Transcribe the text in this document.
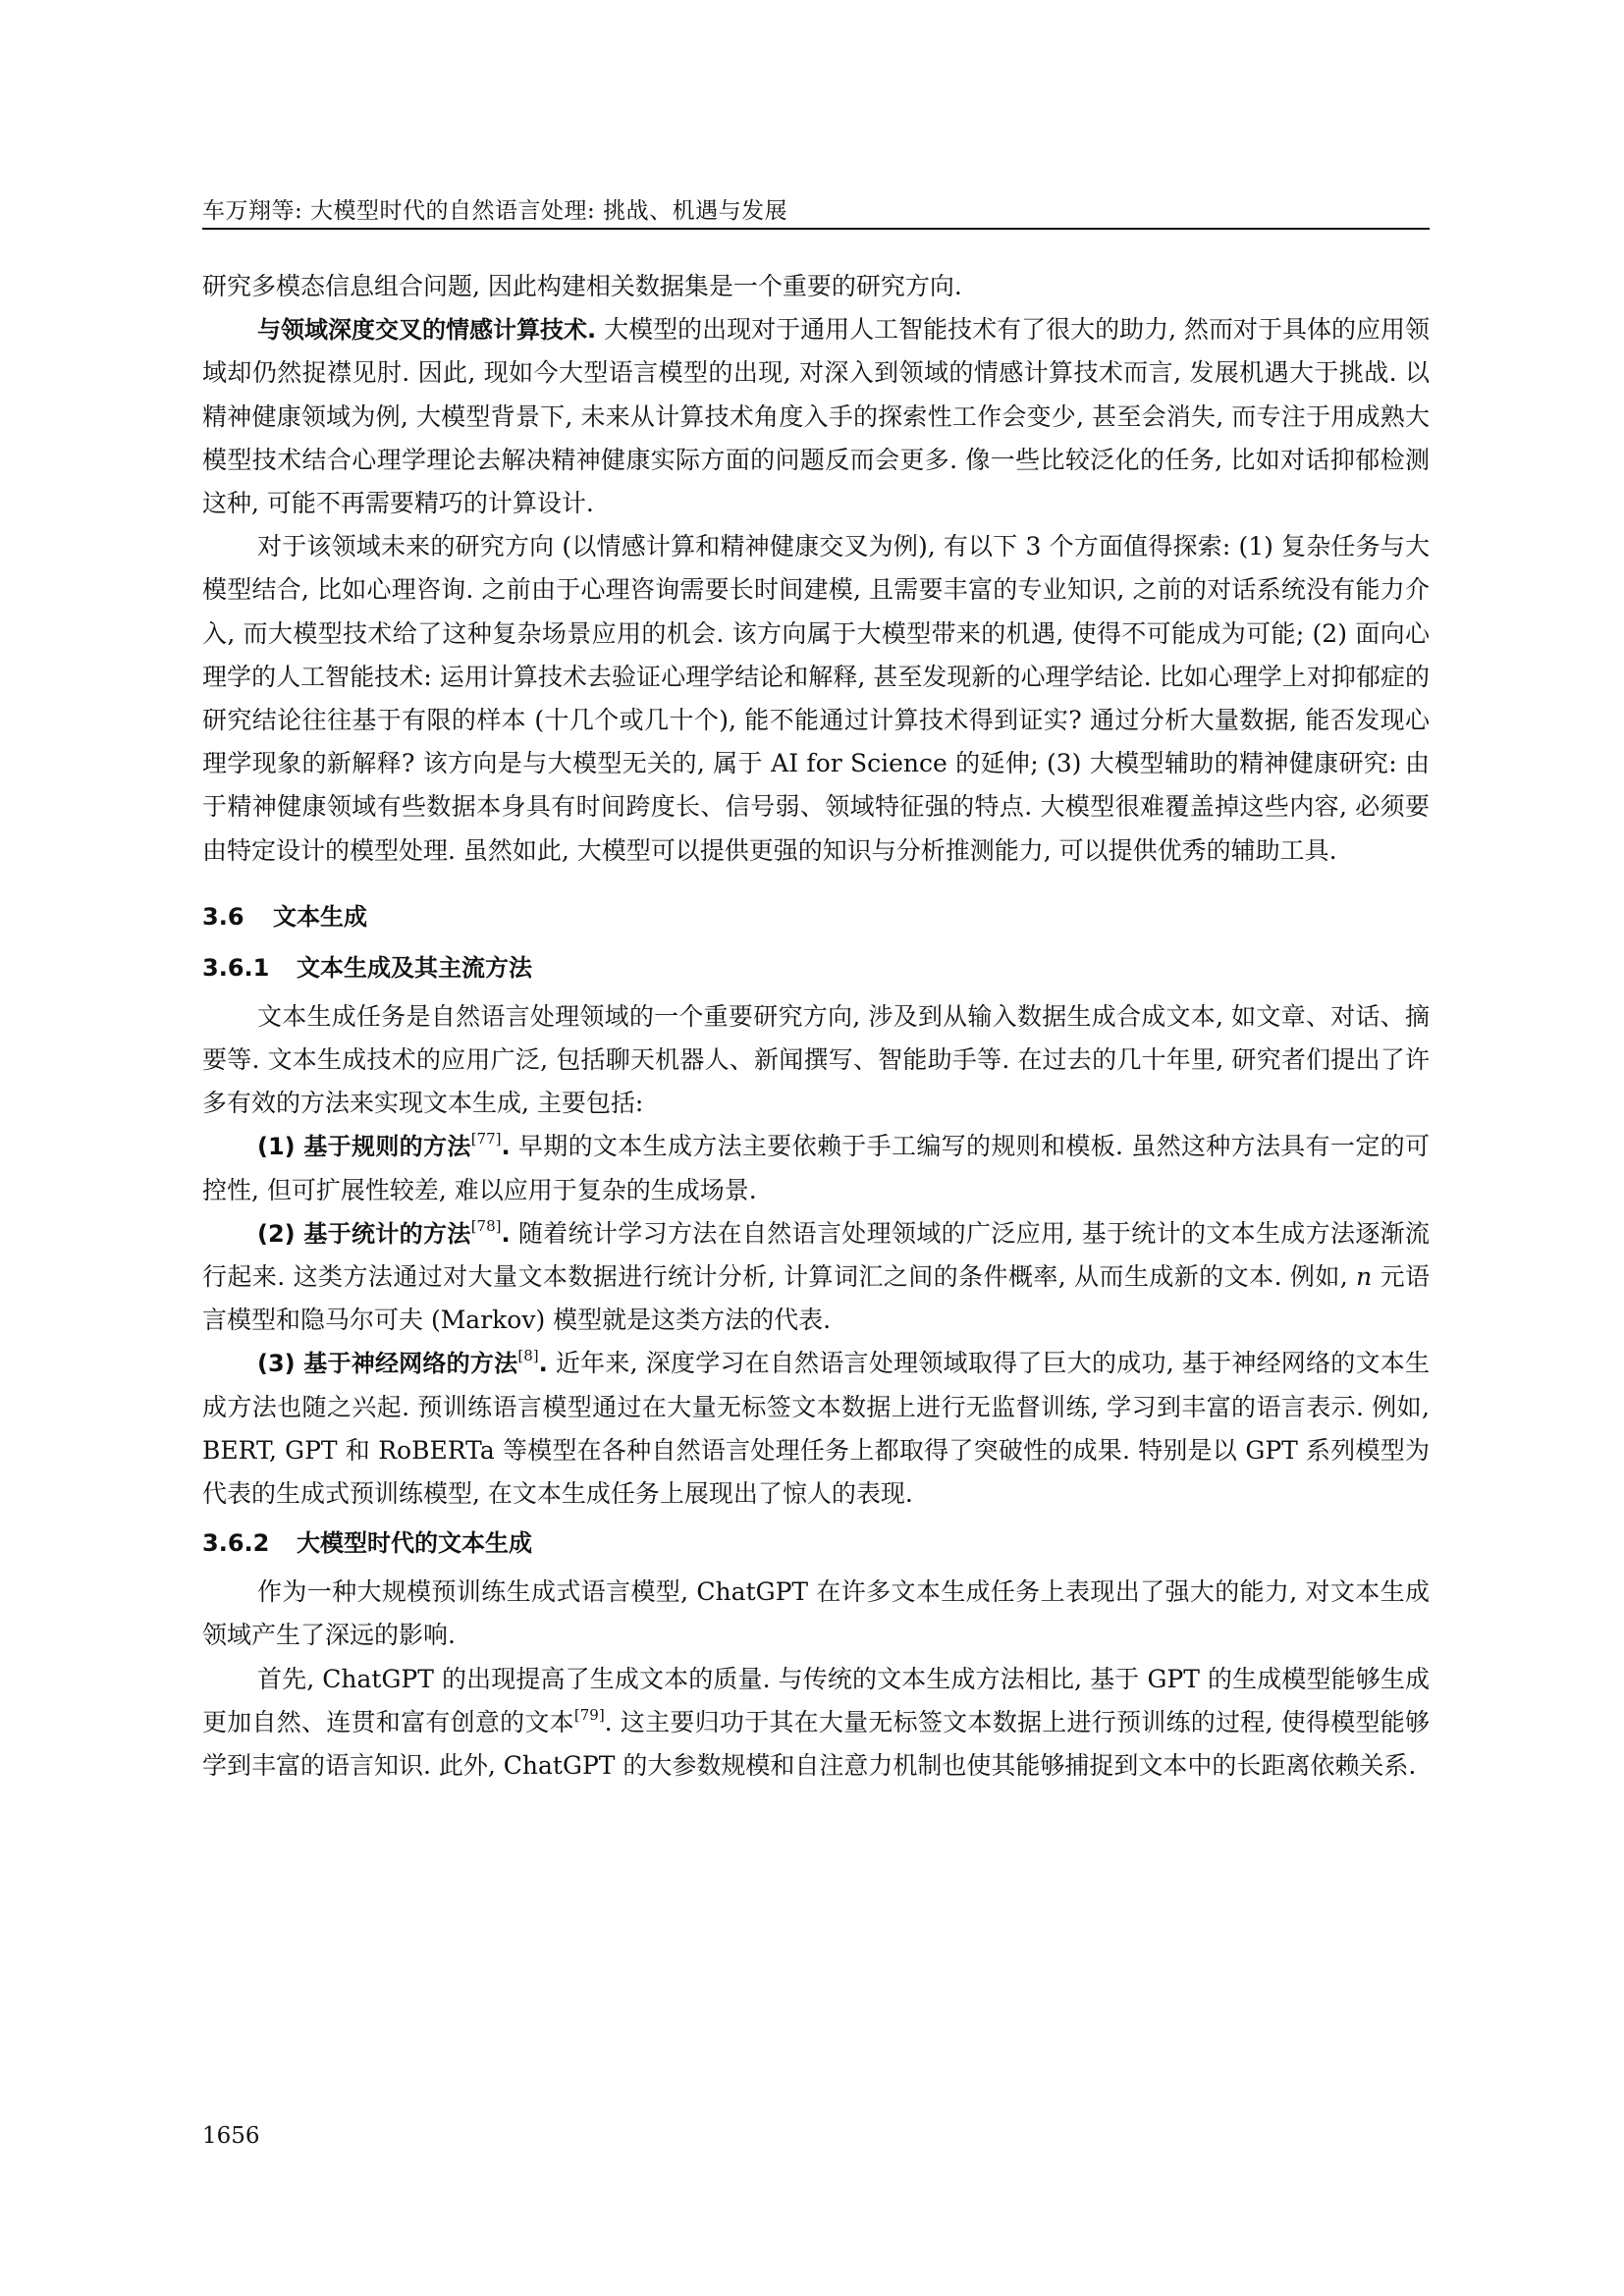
车万翔等: 大模型时代的自然语言处理: 挑战、机遇与发展

研究多模态信息组合问题, 因此构建相关数据集是一个重要的研究方向.

与领域深度交叉的情感计算技术. 大模型的出现对于通用人工智能技术有了很大的助力, 然而对于具体的应用领域却仍然捉襟见肘. 因此, 现如今大型语言模型的出现, 对深入到领域的情感计算技术而言, 发展机遇大于挑战. 以精神健康领域为例, 大模型背景下, 未来从计算技术角度入手的探索性工作会变少, 甚至会消失, 而专注于用成熟大模型技术结合心理学理论去解决精神健康实际方面的问题反而会更多. 像一些比较泛化的任务, 比如对话抑郁检测这种, 可能不再需要精巧的计算设计.

对于该领域未来的研究方向 (以情感计算和精神健康交叉为例), 有以下 3 个方面值得探索: (1) 复杂任务与大模型结合, 比如心理咨询. 之前由于心理咨询需要长时间建模, 且需要丰富的专业知识, 之前的对话系统没有能力介入, 而大模型技术给了这种复杂场景应用的机会. 该方向属于大模型带来的机遇, 使得不可能成为可能; (2) 面向心理学的人工智能技术: 运用计算技术去验证心理学结论和解释, 甚至发现新的心理学结论. 比如心理学上对抑郁症的研究结论往往基于有限的样本 (十几个或几十个), 能不能通过计算技术得到证实? 通过分析大量数据, 能否发现心理学现象的新解释? 该方向是与大模型无关的, 属于 AI for Science 的延伸; (3) 大模型辅助的精神健康研究: 由于精神健康领域有些数据本身具有时间跨度长、信号弱、领域特征强的特点. 大模型很难覆盖掉这些内容, 必须要由特定设计的模型处理. 虽然如此, 大模型可以提供更强的知识与分析推测能力, 可以提供优秀的辅助工具.

3.6 文本生成
3.6.1 文本生成及其主流方法

文本生成任务是自然语言处理领域的一个重要研究方向, 涉及到从输入数据生成合成文本, 如文章、对话、摘要等. 文本生成技术的应用广泛, 包括聊天机器人、新闻撰写、智能助手等. 在过去的几十年里, 研究者们提出了许多有效的方法来实现文本生成, 主要包括:

(1) 基于规则的方法[77]. 早期的文本生成方法主要依赖于手工编写的规则和模板. 虽然这种方法具有一定的可控性, 但可扩展性较差, 难以应用于复杂的生成场景.

(2) 基于统计的方法[78]. 随着统计学习方法在自然语言处理领域的广泛应用, 基于统计的文本生成方法逐渐流行起来. 这类方法通过对大量文本数据进行统计分析, 计算词汇之间的条件概率, 从而生成新的文本. 例如, n 元语言模型和隐马尔可夫 (Markov) 模型就是这类方法的代表.

(3) 基于神经网络的方法[8]. 近年来, 深度学习在自然语言处理领域取得了巨大的成功, 基于神经网络的文本生成方法也随之兴起. 预训练语言模型通过在大量无标签文本数据上进行无监督训练, 学习到丰富的语言表示. 例如, BERT, GPT 和 RoBERTa 等模型在各种自然语言处理任务上都取得了突破性的成果. 特别是以 GPT 系列模型为代表的生成式预训练模型, 在文本生成任务上展现出了惊人的表现.

3.6.2 大模型时代的文本生成

作为一种大规模预训练生成式语言模型, ChatGPT 在许多文本生成任务上表现出了强大的能力, 对文本生成领域产生了深远的影响.

首先, ChatGPT 的出现提高了生成文本的质量. 与传统的文本生成方法相比, 基于 GPT 的生成模型能够生成更加自然、连贯和富有创意的文本[79]. 这主要归功于其在大量无标签文本数据上进行预训练的过程, 使得模型能够学到丰富的语言知识. 此外, ChatGPT 的大参数规模和自注意力机制也使其能够捕捉到文本中的长距离依赖关系.

1656
